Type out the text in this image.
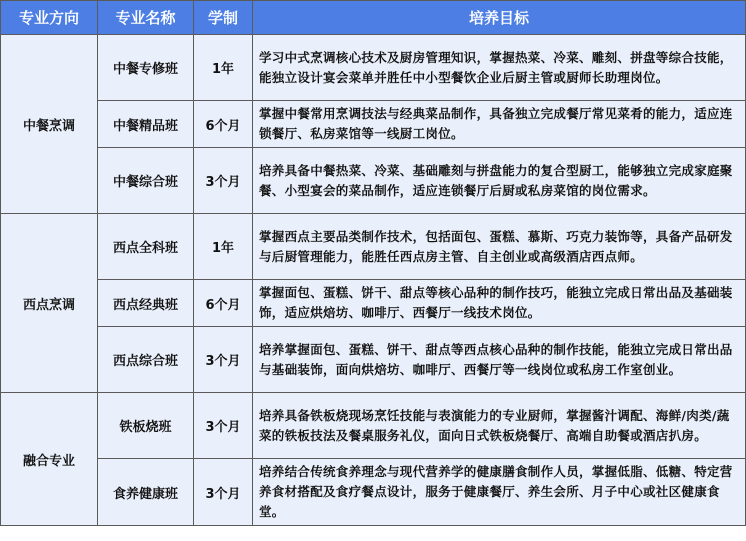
专业方向	专业名称	学制	培养目标
中餐烹调	中餐专修班	1年	学习中式烹调核心技术及厨房管理知识，掌握热菜、冷菜、雕刻、拼盘等综合技能，能独立设计宴会菜单并胜任中小型餐饮企业后厨主管或厨师长助理岗位。
	中餐精品班	6个月	掌握中餐常用烹调技法与经典菜品制作，具备独立完成餐厅常见菜肴的能力，适应连锁餐厅、私房菜馆等一线厨工岗位。
	中餐综合班	3个月	培养具备中餐热菜、冷菜、基础雕刻与拼盘能力的复合型厨工，能够独立完成家庭聚餐、小型宴会的菜品制作，适应连锁餐厅后厨或私房菜馆的岗位需求。
西点烹调	西点全科班	1年	掌握西点主要品类制作技术，包括面包、蛋糕、慕斯、巧克力装饰等，具备产品研发与后厨管理能力，能胜任西点房主管、自主创业或高级酒店西点师。
	西点经典班	6个月	掌握面包、蛋糕、饼干、甜点等核心品种的制作技巧，能独立完成日常出品及基础装饰，适应烘焙坊、咖啡厅、西餐厅一线技术岗位。
	西点综合班	3个月	培养掌握面包、蛋糕、饼干、甜点等西点核心品种的制作技能，能独立完成日常出品与基础装饰，面向烘焙坊、咖啡厅、西餐厅等一线岗位或私房工作室创业。
融合专业	铁板烧班	3个月	培养具备铁板烧现场烹饪技能与表演能力的专业厨师，掌握酱汁调配、海鲜/肉类/蔬菜的铁板技法及餐桌服务礼仪，面向日式铁板烧餐厅、高端自助餐或酒店扒房。
	食养健康班	3个月	培养结合传统食养理念与现代营养学的健康膳食制作人员，掌握低脂、低糖、特定营养食材搭配及食疗餐点设计，服务于健康餐厅、养生会所、月子中心或社区健康食堂。
